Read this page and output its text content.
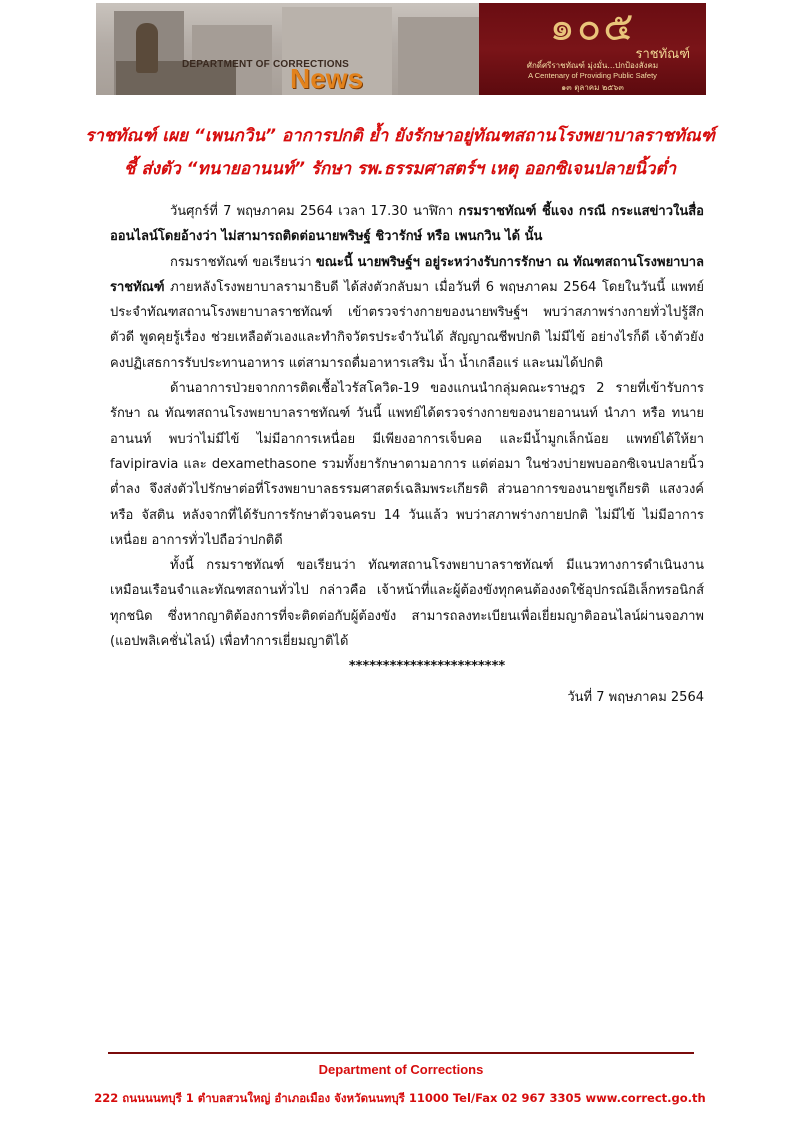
DEPARTMENT OF CORRECTIONS
News
๑๐๕
ราชทัณฑ์
ศักดิ์ศรีราชทัณฑ์ มุ่งมั่น...ปกป้องสังคม
A Centenary of Providing Public Safety
๑๓ ตุลาคม ๒๕๖๓
ราชทัณฑ์ เผย “เพนกวิน” อาการปกติ ย้ำ ยังรักษาอยู่ทัณฑสถานโรงพยาบาลราชทัณฑ์
ชี้ ส่งตัว “ทนายอานนท์” รักษา รพ.ธรรมศาสตร์ฯ เหตุ ออกซิเจนปลายนิ้วต่ำ

วันศุกร์ที่ 7 พฤษภาคม 2564 เวลา 17.30 นาฬิกา กรมราชทัณฑ์ ชี้แจง กรณี กระแสข่าวในสื่อออนไลน์โดยอ้างว่า ไม่สามารถติดต่อนายพริษฐ์ ชิวารักษ์ หรือ เพนกวิน ได้ นั้น

กรมราชทัณฑ์ ขอเรียนว่า ขณะนี้ นายพริษฐ์ฯ อยู่ระหว่างรับการรักษา ณ ทัณฑสถานโรงพยาบาลราชทัณฑ์ ภายหลังโรงพยาบาลรามาธิบดี ได้ส่งตัวกลับมา เมื่อวันที่ 6 พฤษภาคม 2564 โดยในวันนี้ แพทย์ประจำทัณฑสถานโรงพยาบาลราชทัณฑ์ เข้าตรวจร่างกายของนายพริษฐ์ฯ พบว่าสภาพร่างกายทั่วไปรู้สึกตัวดี พูดคุยรู้เรื่อง ช่วยเหลือตัวเองและทำกิจวัตรประจำวันได้ สัญญาณชีพปกติ ไม่มีไข้ อย่างไรก็ดี เจ้าตัวยังคงปฏิเสธการรับประทานอาหาร แต่สามารถดื่มอาหารเสริม น้ำ น้ำเกลือแร่ และนมได้ปกติ

ด้านอาการป่วยจากการติดเชื้อไวรัสโควิด-19 ของแกนนำกลุ่มคณะราษฎร 2 รายที่เข้ารับการรักษา ณ ทัณฑสถานโรงพยาบาลราชทัณฑ์ วันนี้ แพทย์ได้ตรวจร่างกายของนายอานนท์ นำภา หรือ ทนายอานนท์ พบว่าไม่มีไข้ ไม่มีอาการเหนื่อย มีเพียงอาการเจ็บคอ และมีน้ำมูกเล็กน้อย แพทย์ได้ให้ยา favipiravia และ dexamethasone รวมทั้งยารักษาตามอาการ แต่ต่อมา ในช่วงบ่ายพบออกซิเจนปลายนิ้วต่ำลง จึงส่งตัวไปรักษาต่อที่โรงพยาบาลธรรมศาสตร์เฉลิมพระเกียรติ ส่วนอาการของนายชูเกียรติ แสงวงค์ หรือ จัสติน หลังจากที่ได้รับการรักษาตัวจนครบ 14 วันแล้ว พบว่าสภาพร่างกายปกติ ไม่มีไข้ ไม่มีอาการเหนื่อย อาการทั่วไปถือว่าปกติดี

ทั้งนี้ กรมราชทัณฑ์ ขอเรียนว่า ทัณฑสถานโรงพยาบาลราชทัณฑ์ มีแนวทางการดำเนินงานเหมือนเรือนจำและทัณฑสถานทั่วไป กล่าวคือ เจ้าหน้าที่และผู้ต้องขังทุกคนต้องงดใช้อุปกรณ์อิเล็กทรอนิกส์ทุกชนิด ซึ่งหากญาติต้องการที่จะติดต่อกับผู้ต้องขัง สามารถลงทะเบียนเพื่อเยี่ยมญาติออนไลน์ผ่านจอภาพ (แอปพลิเคชั่นไลน์) เพื่อทำการเยี่ยมญาติได้

***********************

วันที่ 7 พฤษภาคม 2564

Department of Corrections
222 ถนนนนทบุรี 1 ตำบลสวนใหญ่ อำเภอเมือง จังหวัดนนทบุรี 11000 Tel/Fax 02 967 3305 www.correct.go.th
